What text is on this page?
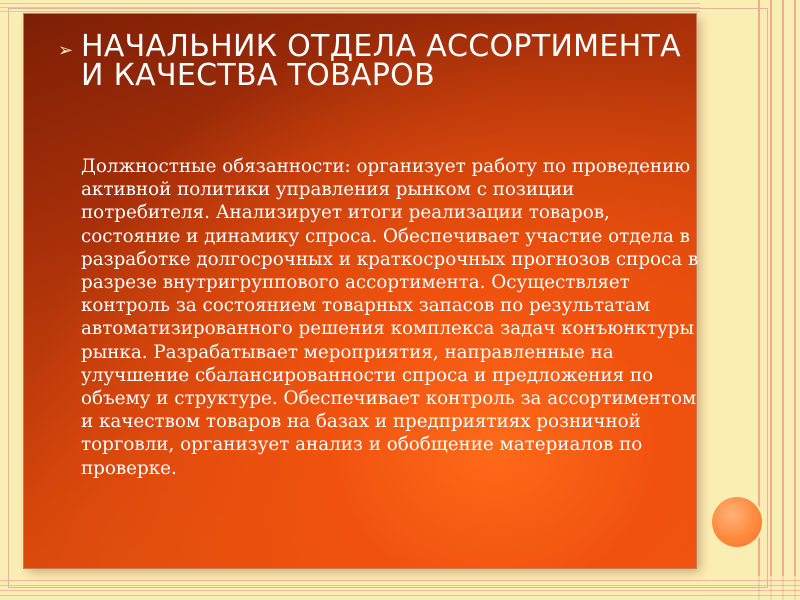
➢ НАЧАЛЬНИК ОТДЕЛА АССОРТИМЕНТА И КАЧЕСТВА ТОВАРОВ

Должностные обязанности: организует работу по проведению активной политики управления рынком с позиции потребителя. Анализирует итоги реализации товаров, состояние и динамику спроса. Обеспечивает участие отдела в разработке долгосрочных и краткосрочных прогнозов спроса в разрезе внутригруппового ассортимента. Осуществляет контроль за состоянием товарных запасов по результатам автоматизированного решения комплекса задач конъюнктуры рынка. Разрабатывает мероприятия, направленные на улучшение сбалансированности спроса и предложения по объему и структуре. Обеспечивает контроль за ассортиментом и качеством товаров на базах и предприятиях розничной торговли, организует анализ и обобщение материалов по проверке.
